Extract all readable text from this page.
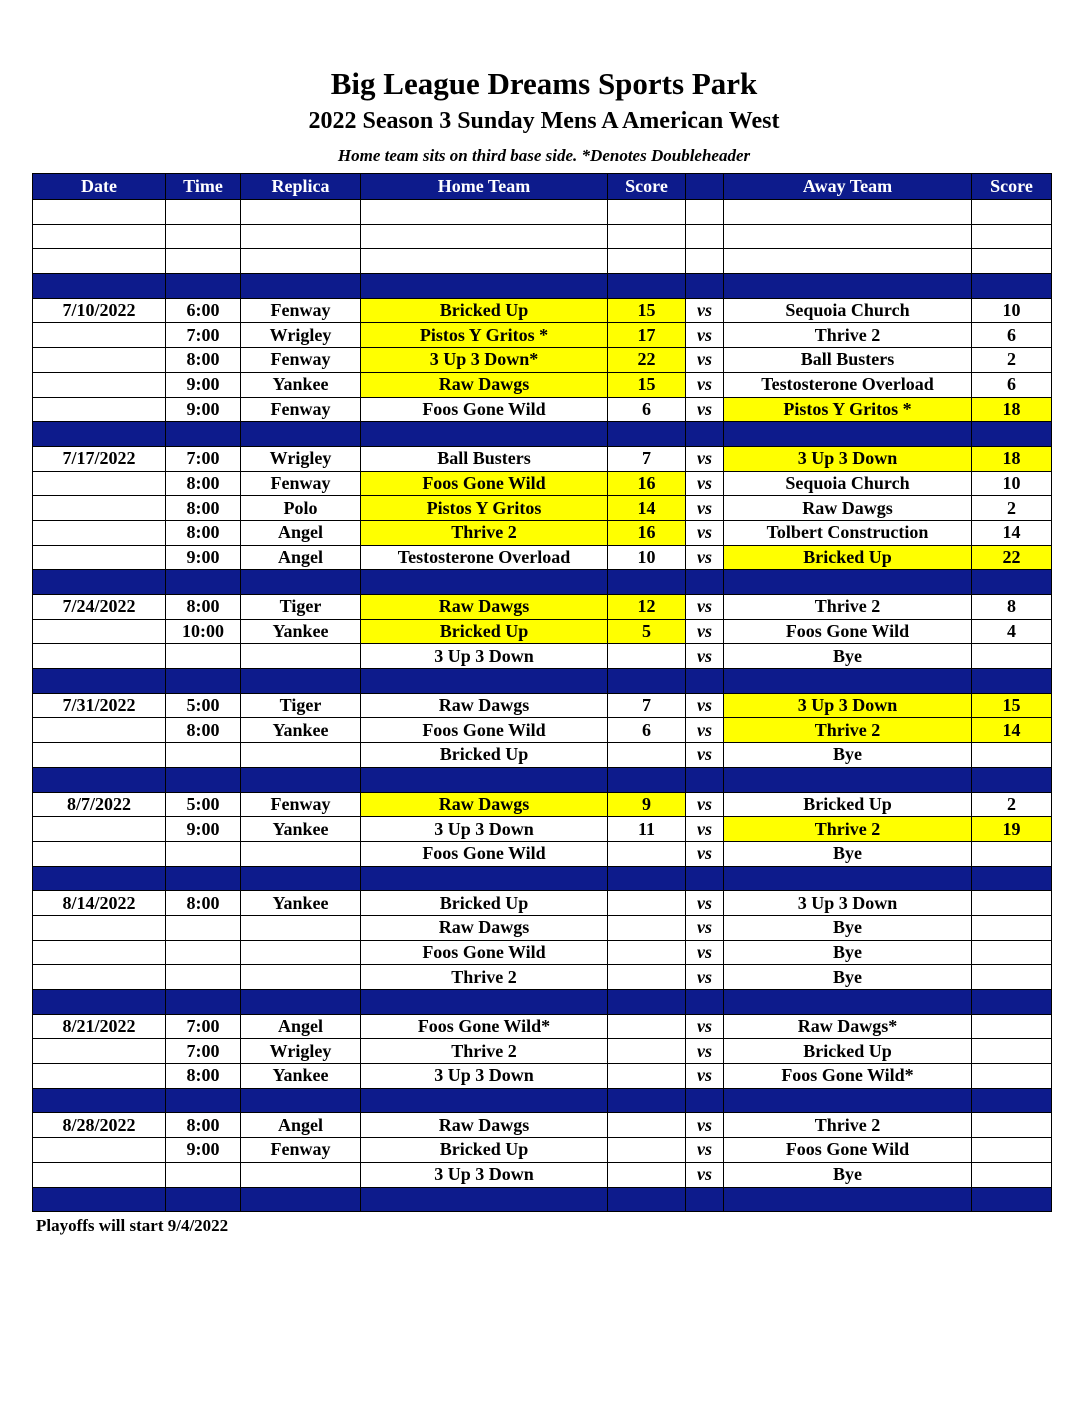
Big League Dreams Sports Park
2022 Season 3 Sunday Mens A American West
Home team sits on third base side. *Denotes Doubleheader
Date	Time	Replica	Home Team	Score		Away Team	Score

7/10/2022	6:00	Fenway	Bricked Up	15	vs	Sequoia Church	10
	7:00	Wrigley	Pistos Y Gritos *	17	vs	Thrive 2	6
	8:00	Fenway	3 Up 3 Down*	22	vs	Ball Busters	2
	9:00	Yankee	Raw Dawgs	15	vs	Testosterone Overload	6
	9:00	Fenway	Foos Gone Wild	6	vs	Pistos Y Gritos *	18

7/17/2022	7:00	Wrigley	Ball Busters	7	vs	3 Up 3 Down	18
	8:00	Fenway	Foos Gone Wild	16	vs	Sequoia Church	10
	8:00	Polo	Pistos Y Gritos	14	vs	Raw Dawgs	2
	8:00	Angel	Thrive 2	16	vs	Tolbert Construction	14
	9:00	Angel	Testosterone Overload	10	vs	Bricked Up	22

7/24/2022	8:00	Tiger	Raw Dawgs	12	vs	Thrive 2	8
	10:00	Yankee	Bricked Up	5	vs	Foos Gone Wild	4
			3 Up 3 Down		vs	Bye	

7/31/2022	5:00	Tiger	Raw Dawgs	7	vs	3 Up 3 Down	15
	8:00	Yankee	Foos Gone Wild	6	vs	Thrive 2	14
			Bricked Up		vs	Bye	

8/7/2022	5:00	Fenway	Raw Dawgs	9	vs	Bricked Up	2
	9:00	Yankee	3 Up 3 Down	11	vs	Thrive 2	19
			Foos Gone Wild		vs	Bye	

8/14/2022	8:00	Yankee	Bricked Up		vs	3 Up 3 Down	
			Raw Dawgs		vs	Bye	
			Foos Gone Wild		vs	Bye	
			Thrive 2		vs	Bye	

8/21/2022	7:00	Angel	Foos Gone Wild*		vs	Raw Dawgs*	
	7:00	Wrigley	Thrive 2		vs	Bricked Up	
	8:00	Yankee	3 Up 3 Down		vs	Foos Gone Wild*	

8/28/2022	8:00	Angel	Raw Dawgs		vs	Thrive 2	
	9:00	Fenway	Bricked Up		vs	Foos Gone Wild	
			3 Up 3 Down		vs	Bye	

Playoffs will start 9/4/2022
